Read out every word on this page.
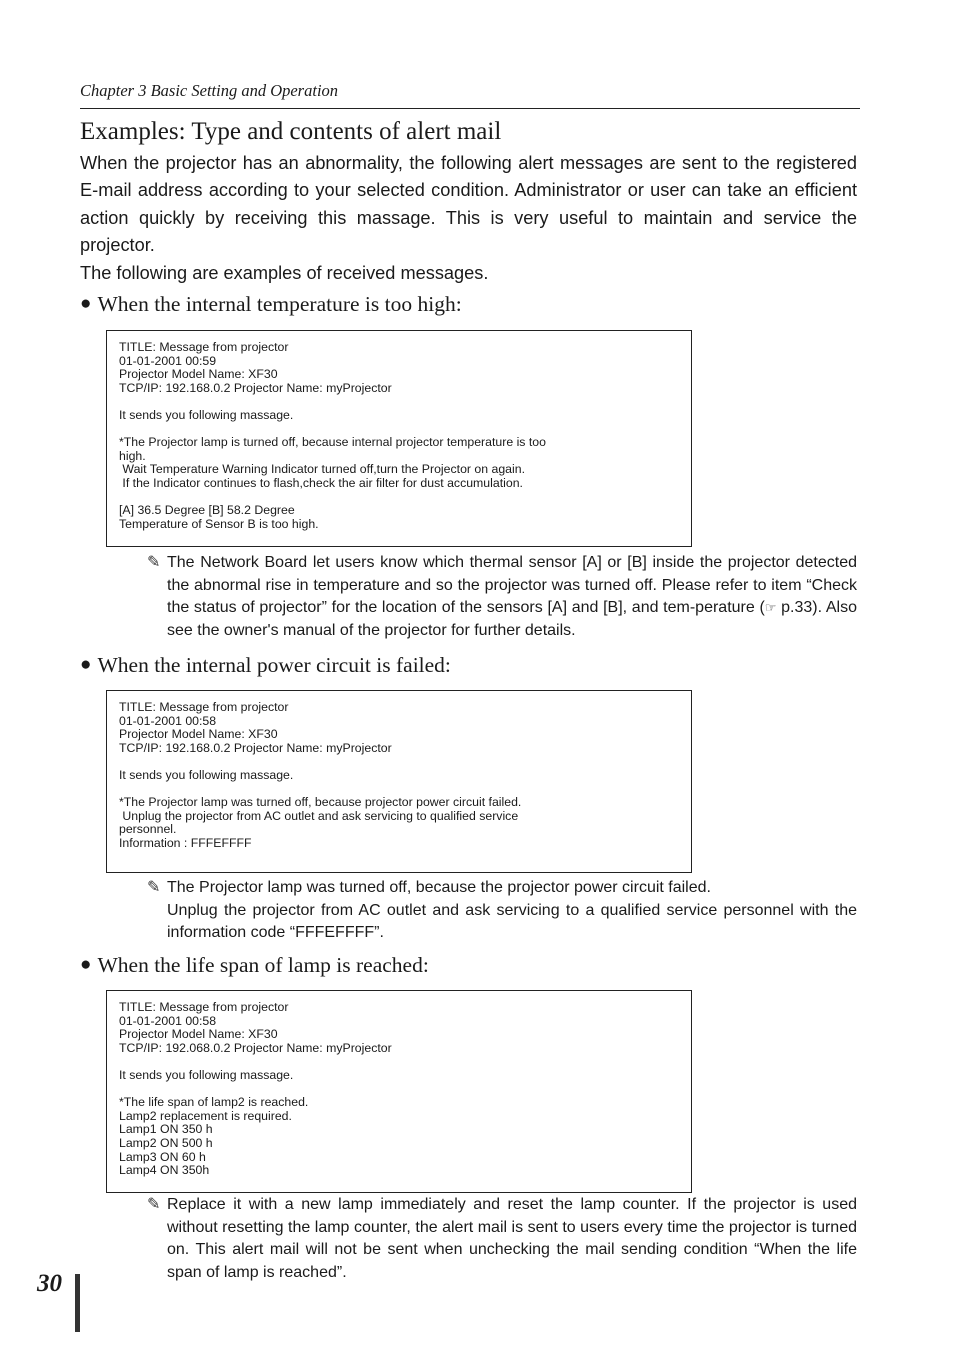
Chapter 3 Basic Setting and Operation
Examples: Type and contents of alert mail

When the projector has an abnormality, the following alert messages are sent to the registered E-mail address according to your selected condition. Administrator or user can take an efficient action quickly by receiving this massage. This is very useful to maintain and service the projector.

The following are examples of received messages.

● When the internal temperature is too high:
TITLE: Message from projector
01-01-2001 00:59
Projector Model Name: XF30
TCP/IP: 192.168.0.2 Projector Name: myProjector
It sends you following massage.
*The Projector lamp is turned off, because internal projector temperature is too
high.
Wait Temperature Warning Indicator turned off,turn the Projector on again.
If the Indicator continues to flash,check the air filter for dust accumulation.
[A] 36.5 Degree [B] 58.2 Degree
Temperature of Sensor B is too high.
✎ The Network Board let users know which thermal sensor [A] or [B] inside the projector detected the abnormal rise in temperature and so the projector was turned off. Please refer to item “Check the status of projector” for the location of the sensors [A] and [B], and tem-perature (☞ p.33). Also see the owner's manual of the projector for further details.
● When the internal power circuit is failed:
TITLE: Message from projector
01-01-2001 00:58
Projector Model Name: XF30
TCP/IP: 192.168.0.2 Projector Name: myProjector
It sends you following massage.
*The Projector lamp was turned off, because projector power circuit failed.
Unplug the projector from AC outlet and ask servicing to qualified service
personnel.
Information : FFFEFFFF
✎ The Projector lamp was turned off, because the projector power circuit failed.
Unplug the projector from AC outlet and ask servicing to a qualified service personnel with the information code “FFFEFFFF”.
● When the life span of lamp is reached:
TITLE: Message from projector
01-01-2001 00:58
Projector Model Name: XF30
TCP/IP: 192.068.0.2 Projector Name: myProjector
It sends you following massage.
*The life span of lamp2 is reached.
Lamp2 replacement is required.
Lamp1 ON 350 h
Lamp2 ON 500 h
Lamp3 ON 60 h
Lamp4 ON 350h
✎ Replace it with a new lamp immediately and reset the lamp counter. If the projector is used without resetting the lamp counter, the alert mail is sent to users every time the projector is turned on. This alert mail will not be sent when unchecking the mail sending condition “When the life span of lamp is reached”.
30
